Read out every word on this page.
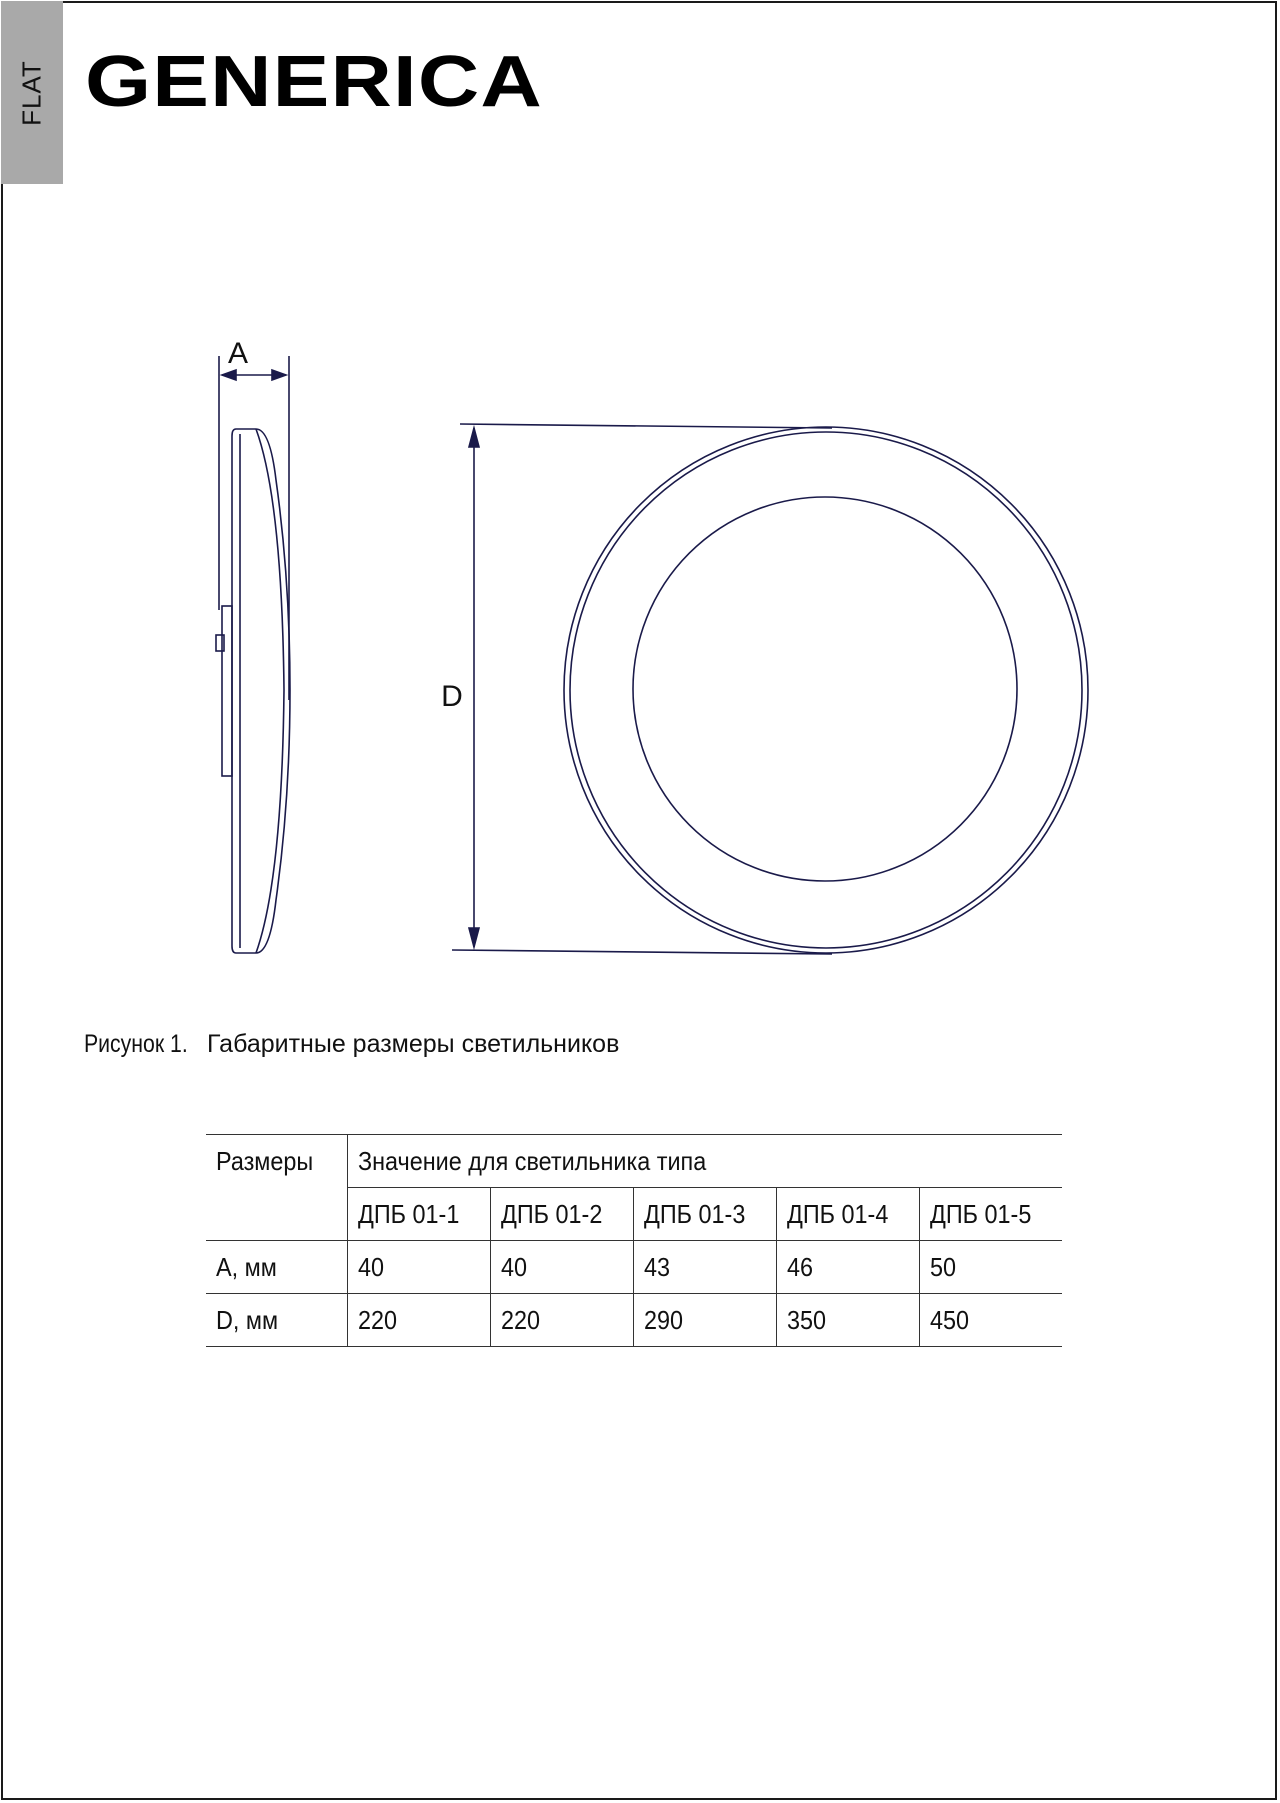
FLAT GENERICA
A
D
Рисунок 1. Габаритные размеры светильников
Размеры	Значение для светильника типа				
	ДПБ 01-1	ДПБ 01-2	ДПБ 01-3	ДПБ 01-4	ДПБ 01-5
A, мм	40	40	43	46	50
D, мм	220	220	290	350	450
